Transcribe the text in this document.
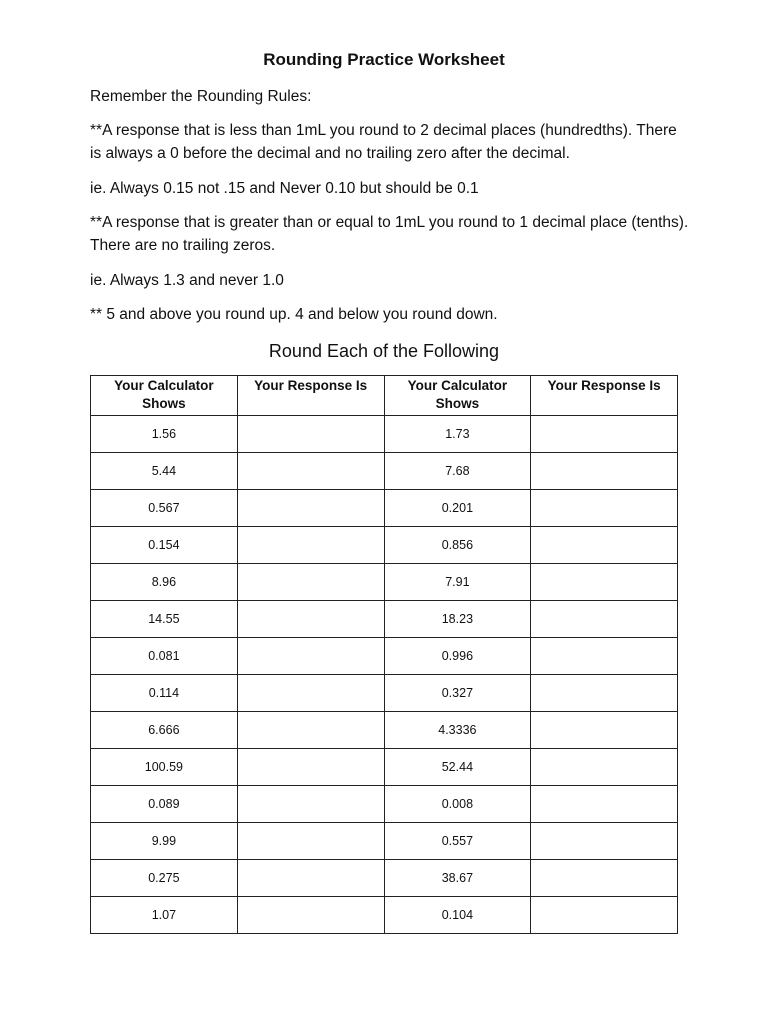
Rounding Practice Worksheet

Remember the Rounding Rules:

**A response that is less than 1mL you round to 2 decimal places (hundredths). There is always a 0 before the decimal and no trailing zero after the decimal.

ie. Always 0.15 not .15 and Never 0.10 but should be 0.1

**A response that is greater than or equal to 1mL you round to 1 decimal place (tenths). There are no trailing zeros.

ie. Always 1.3 and never 1.0

** 5 and above you round up. 4 and below you round down.

Round Each of the Following
Your Calculator Shows	Your Response Is	Your Calculator Shows	Your Response Is
1.56		1.73	
5.44		7.68	
0.567		0.201	
0.154		0.856	
8.96		7.91	
14.55		18.23	
0.081		0.996	
0.114		0.327	
6.666		4.3336	
100.59		52.44	
0.089		0.008	
9.99		0.557	
0.275		38.67	
1.07		0.104	
